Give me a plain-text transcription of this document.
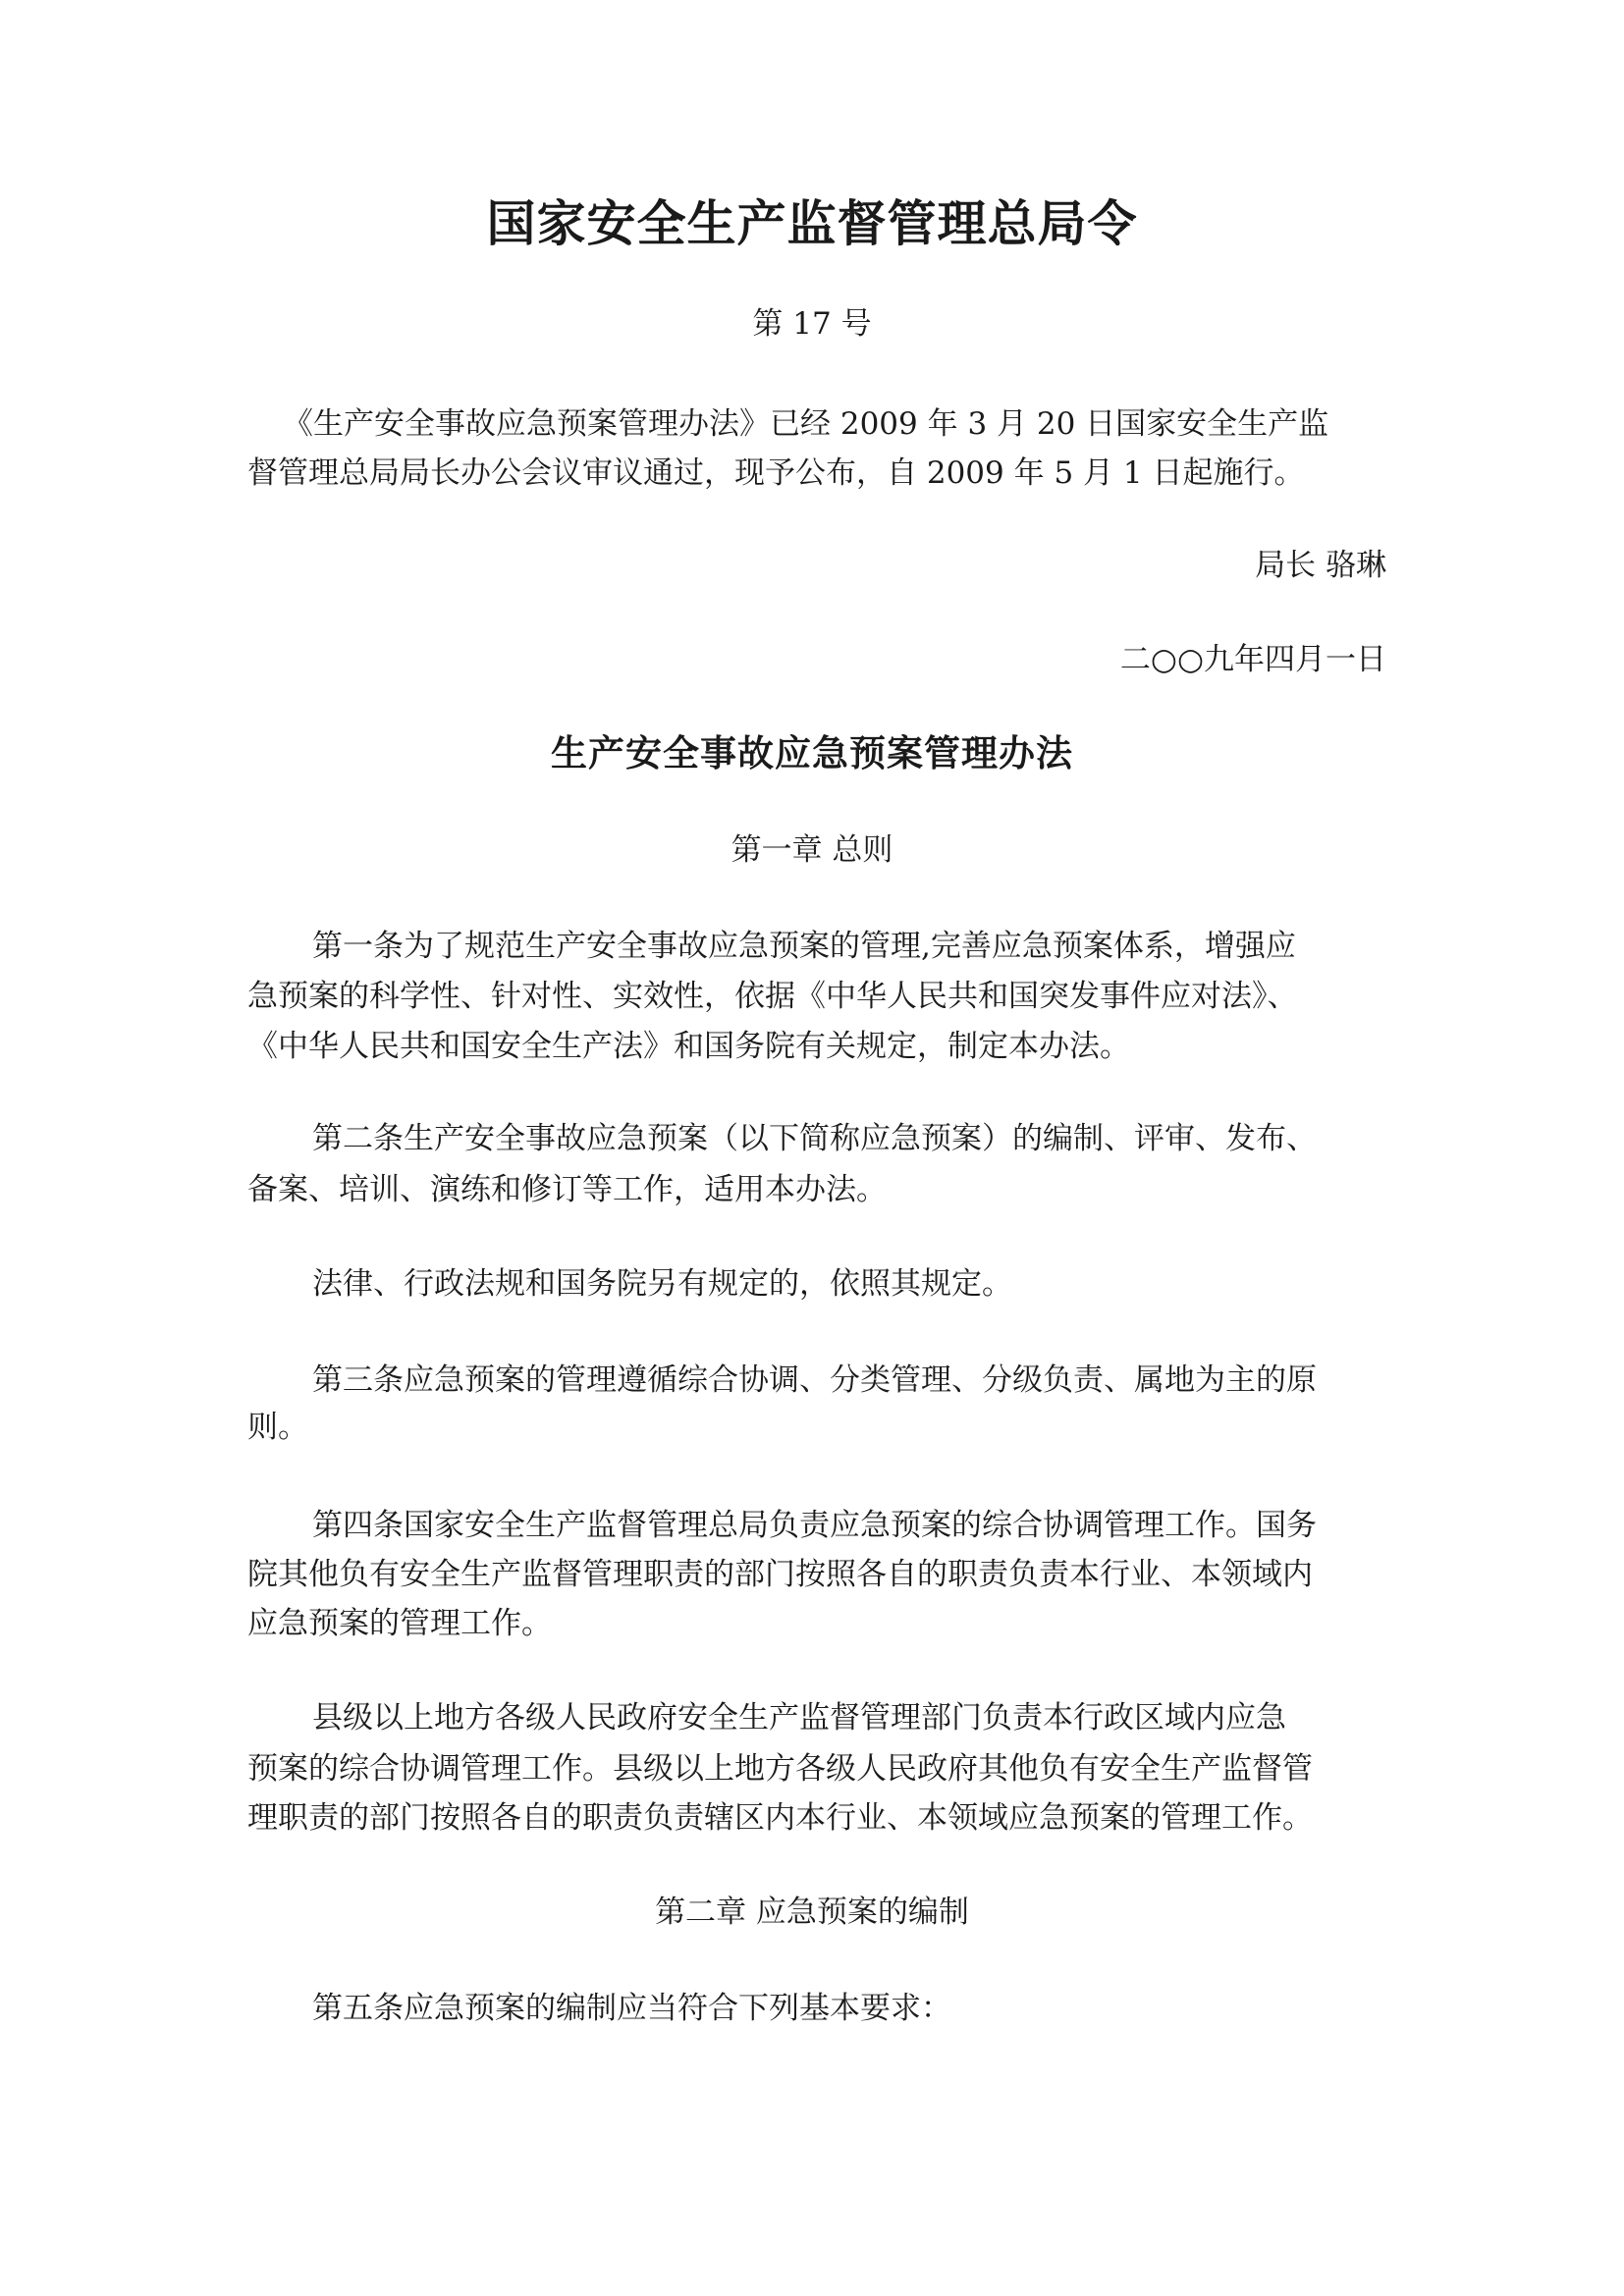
国家安全生产监督管理总局令

第 17 号

《生产安全事故应急预案管理办法》已经 2009 年 3 月 20 日国家安全生产监

督管理总局局长办公会议审议通过，现予公布，自 2009 年 5 月 1 日起施行。

局长 骆琳

二○○九年四月一日

生产安全事故应急预案管理办法

第一章 总则

第一条为了规范生产安全事故应急预案的管理,完善应急预案体系，增强应

急预案的科学性、针对性、实效性，依据《中华人民共和国突发事件应对法》、

《中华人民共和国安全生产法》和国务院有关规定，制定本办法。

第二条生产安全事故应急预案（以下简称应急预案）的编制、评审、发布、

备案、培训、演练和修订等工作，适用本办法。

法律、行政法规和国务院另有规定的，依照其规定。

第三条应急预案的管理遵循综合协调、分类管理、分级负责、属地为主的原

则。

第四条国家安全生产监督管理总局负责应急预案的综合协调管理工作。国务

院其他负有安全生产监督管理职责的部门按照各自的职责负责本行业、本领域内

应急预案的管理工作。

县级以上地方各级人民政府安全生产监督管理部门负责本行政区域内应急

预案的综合协调管理工作。县级以上地方各级人民政府其他负有安全生产监督管

理职责的部门按照各自的职责负责辖区内本行业、本领域应急预案的管理工作。

第二章 应急预案的编制

第五条应急预案的编制应当符合下列基本要求：
